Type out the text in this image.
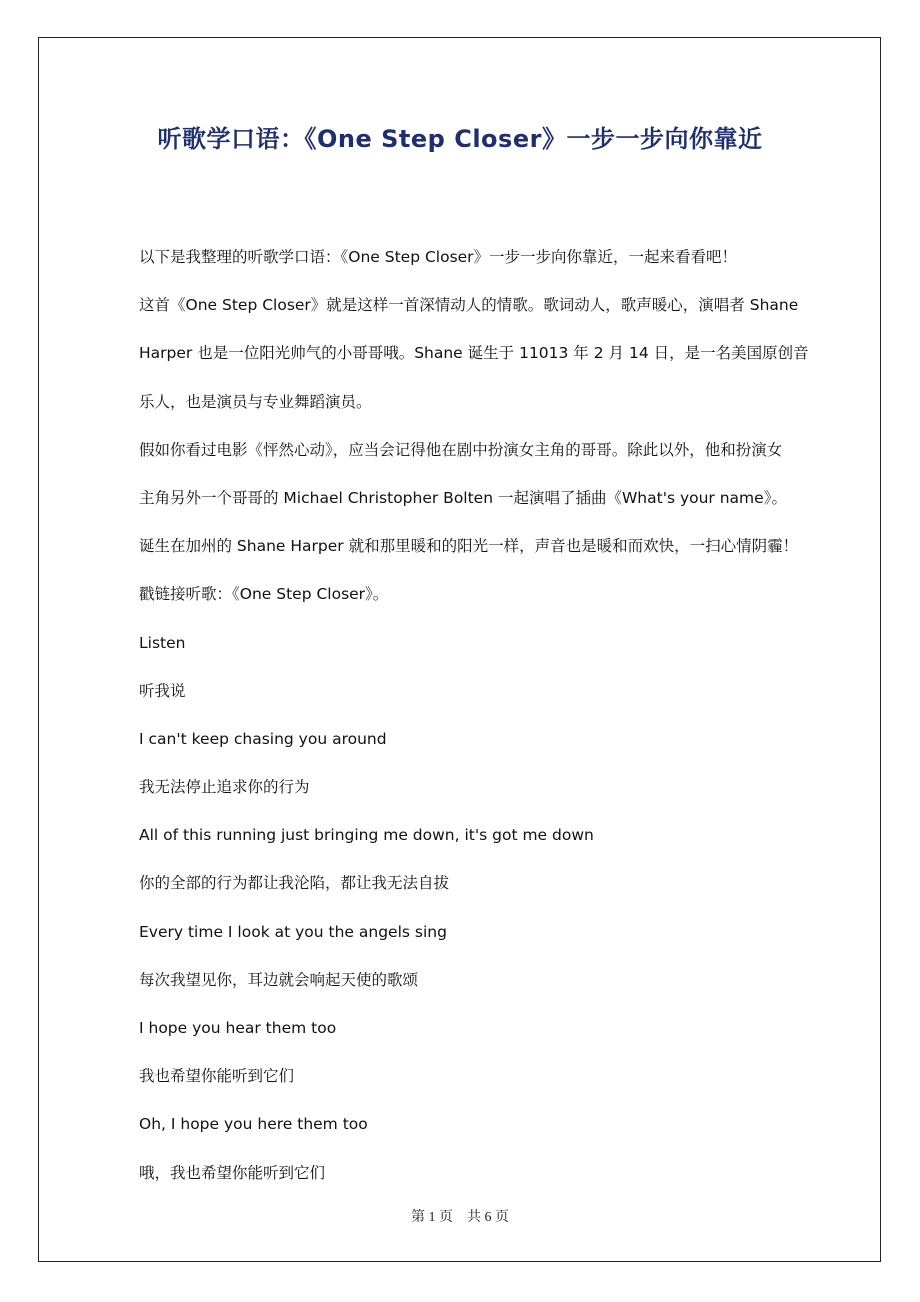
听歌学口语：《One Step Closer》一步一步向你靠近
以下是我整理的听歌学口语：《One Step Closer》一步一步向你靠近，一起来看看吧！
这首《One Step Closer》就是这样一首深情动人的情歌。歌词动人，歌声暖心，演唱者 Shane
Harper 也是一位阳光帅气的小哥哥哦。Shane 诞生于 11013 年 2 月 14 日，是一名美国原创音
乐人，也是演员与专业舞蹈演员。
假如你看过电影《怦然心动》，应当会记得他在剧中扮演女主角的哥哥。除此以外，他和扮演女
主角另外一个哥哥的 Michael Christopher Bolten 一起演唱了插曲《What's your name》。
诞生在加州的 Shane Harper 就和那里暖和的阳光一样，声音也是暖和而欢快，一扫心情阴霾！
戳链接听歌：《One Step Closer》。
Listen
听我说
I can't keep chasing you around
我无法停止追求你的行为
All of this running just bringing me down, it's got me down
你的全部的行为都让我沦陷，都让我无法自拔
Every time I look at you the angels sing
每次我望见你，耳边就会响起天使的歌颂
I hope you hear them too
我也希望你能听到它们
Oh, I hope you here them too
哦，我也希望你能听到它们
第 1 页    共 6 页
